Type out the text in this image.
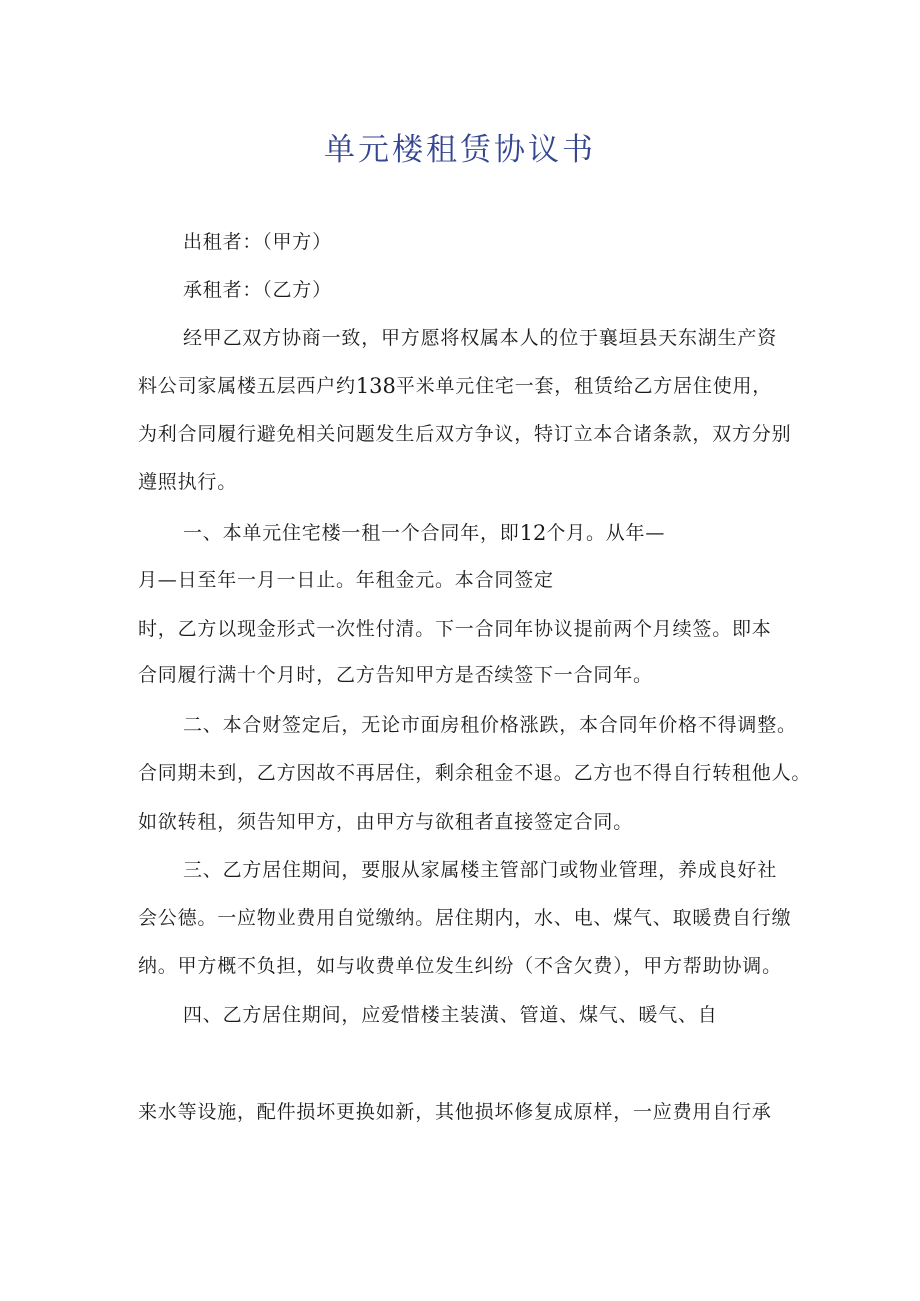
单元楼租赁协议书
出租者：（甲方）
承租者：（乙方）
经甲乙双方协商一致，甲方愿将权属本人的位于襄垣县天东湖生产资
料公司家属楼五层西户约138平米单元住宅一套，租赁给乙方居住使用，
为利合同履行避免相关问题发生后双方争议，特订立本合诸条款，双方分别
遵照执行。
一、本单元住宅楼一租一个合同年，即12个月。从年—
月—日至年一月一日止。年租金元。本合同签定
时，乙方以现金形式一次性付清。下一合同年协议提前两个月续签。即本
合同履行满十个月时，乙方告知甲方是否续签下一合同年。
二、本合财签定后，无论市面房租价格涨跌，本合同年价格不得调整。
合同期未到，乙方因故不再居住，剩余租金不退。乙方也不得自行转租他人。
如欲转租，须告知甲方，由甲方与欲租者直接签定合同。
三、乙方居住期间，要服从家属楼主管部门或物业管理，养成良好社
会公德。一应物业费用自觉缴纳。居住期内，水、电、煤气、取暖费自行缴
纳。甲方概不负担，如与收费单位发生纠纷（不含欠费），甲方帮助协调。
四、乙方居住期间，应爱惜楼主装潢、管道、煤气、暖气、自
来水等设施，配件损坏更换如新，其他损坏修复成原样，一应费用自行承
